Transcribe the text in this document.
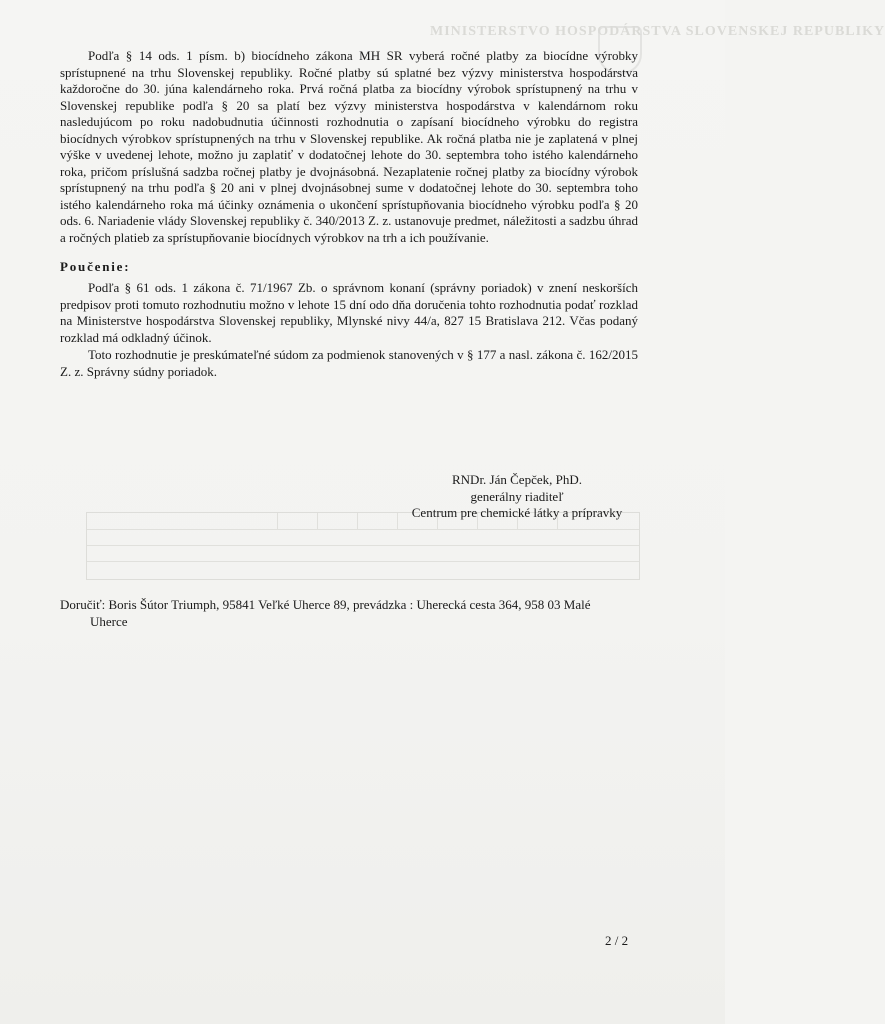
MINISTERSTVO HOSPODÁRSTVA SLOVENSKEJ REPUBLIKY

Podľa § 14 ods. 1 písm. b) biocídneho zákona MH SR vyberá ročné platby za biocídne výrobky sprístupnené na trhu Slovenskej republiky. Ročné platby sú splatné bez výzvy ministerstva hospodárstva každoročne do 30. júna kalendárneho roka. Prvá ročná platba za biocídny výrobok sprístupnený na trhu v Slovenskej republike podľa § 20 sa platí bez výzvy ministerstva hospodárstva v kalendárnom roku nasledujúcom po roku nadobudnutia účinnosti rozhodnutia o zapísaní biocídneho výrobku do registra biocídnych výrobkov sprístupnených na trhu v Slovenskej republike. Ak ročná platba nie je zaplatená v plnej výške v uvedenej lehote, možno ju zaplatiť v dodatočnej lehote do 30. septembra toho istého kalendárneho roka, pričom príslušná sadzba ročnej platby je dvojnásobná. Nezaplatenie ročnej platby za biocídny výrobok sprístupnený na trhu podľa § 20 ani v plnej dvojnásobnej sume v dodatočnej lehote do 30. septembra toho istého kalendárneho roka má účinky oznámenia o ukončení sprístupňovania biocídneho výrobku podľa § 20 ods. 6. Nariadenie vlády Slovenskej republiky č. 340/2013 Z. z. ustanovuje predmet, náležitosti a sadzbu úhrad a ročných platieb za sprístupňovanie biocídnych výrobkov na trh a ich používanie.

Poučenie:

Podľa § 61 ods. 1 zákona č. 71/1967 Zb. o správnom konaní (správny poriadok) v znení neskorších predpisov proti tomuto rozhodnutiu možno v lehote 15 dní odo dňa doručenia tohto rozhodnutia podať rozklad na Ministerstve hospodárstva Slovenskej republiky, Mlynské nivy 44/a, 827 15 Bratislava 212. Včas podaný rozklad má odkladný účinok.

Toto rozhodnutie je preskúmateľné súdom za podmienok stanovených v § 177 a nasl. zákona č. 162/2015 Z. z. Správny súdny poriadok.

RNDr. Ján Čepček, PhD.
generálny riaditeľ
Centrum pre chemické látky a prípravky
Doručiť: Boris Šútor Triumph, 95841 Veľké Uherce 89, prevádzka : Uherecká cesta 364, 958 03 Malé
Uherce
2 / 2
